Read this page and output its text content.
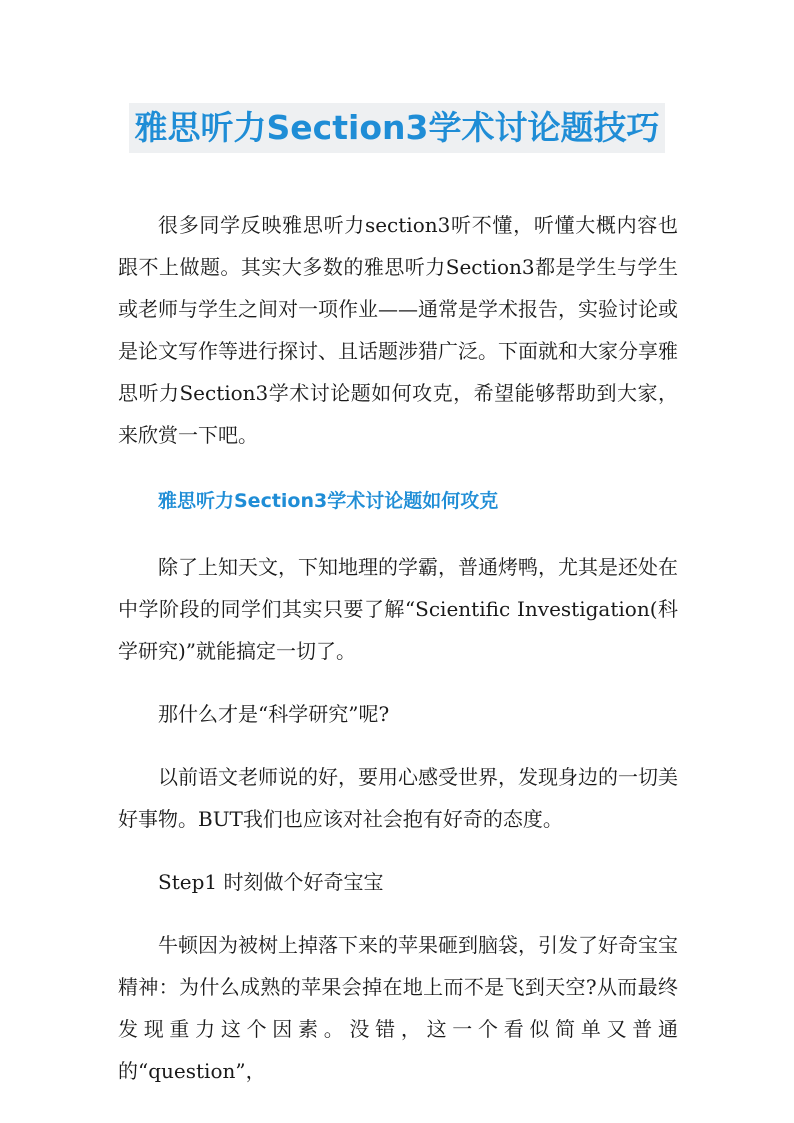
雅思听力Section3学术讨论题技巧

很多同学反映雅思听力section3听不懂，听懂大概内容也跟不上做题。其实大多数的雅思听力Section3都是学生与学生或老师与学生之间对一项作业——通常是学术报告，实验讨论或是论文写作等进行探讨、且话题涉猎广泛。下面就和大家分享雅思听力Section3学术讨论题如何攻克，希望能够帮助到大家，来欣赏一下吧。

雅思听力Section3学术讨论题如何攻克

除了上知天文，下知地理的学霸，普通烤鸭，尤其是还处在中学阶段的同学们其实只要了解“Scientific Investigation(科学研究)”就能搞定一切了。

那什么才是“科学研究”呢?

以前语文老师说的好，要用心感受世界，发现身边的一切美好事物。BUT我们也应该对社会抱有好奇的态度。

Step1 时刻做个好奇宝宝

牛顿因为被树上掉落下来的苹果砸到脑袋，引发了好奇宝宝精神：为什么成熟的苹果会掉在地上而不是飞到天空?从而最终发现重力这个因素。没错，这一个看似简单又普通的“question”，
